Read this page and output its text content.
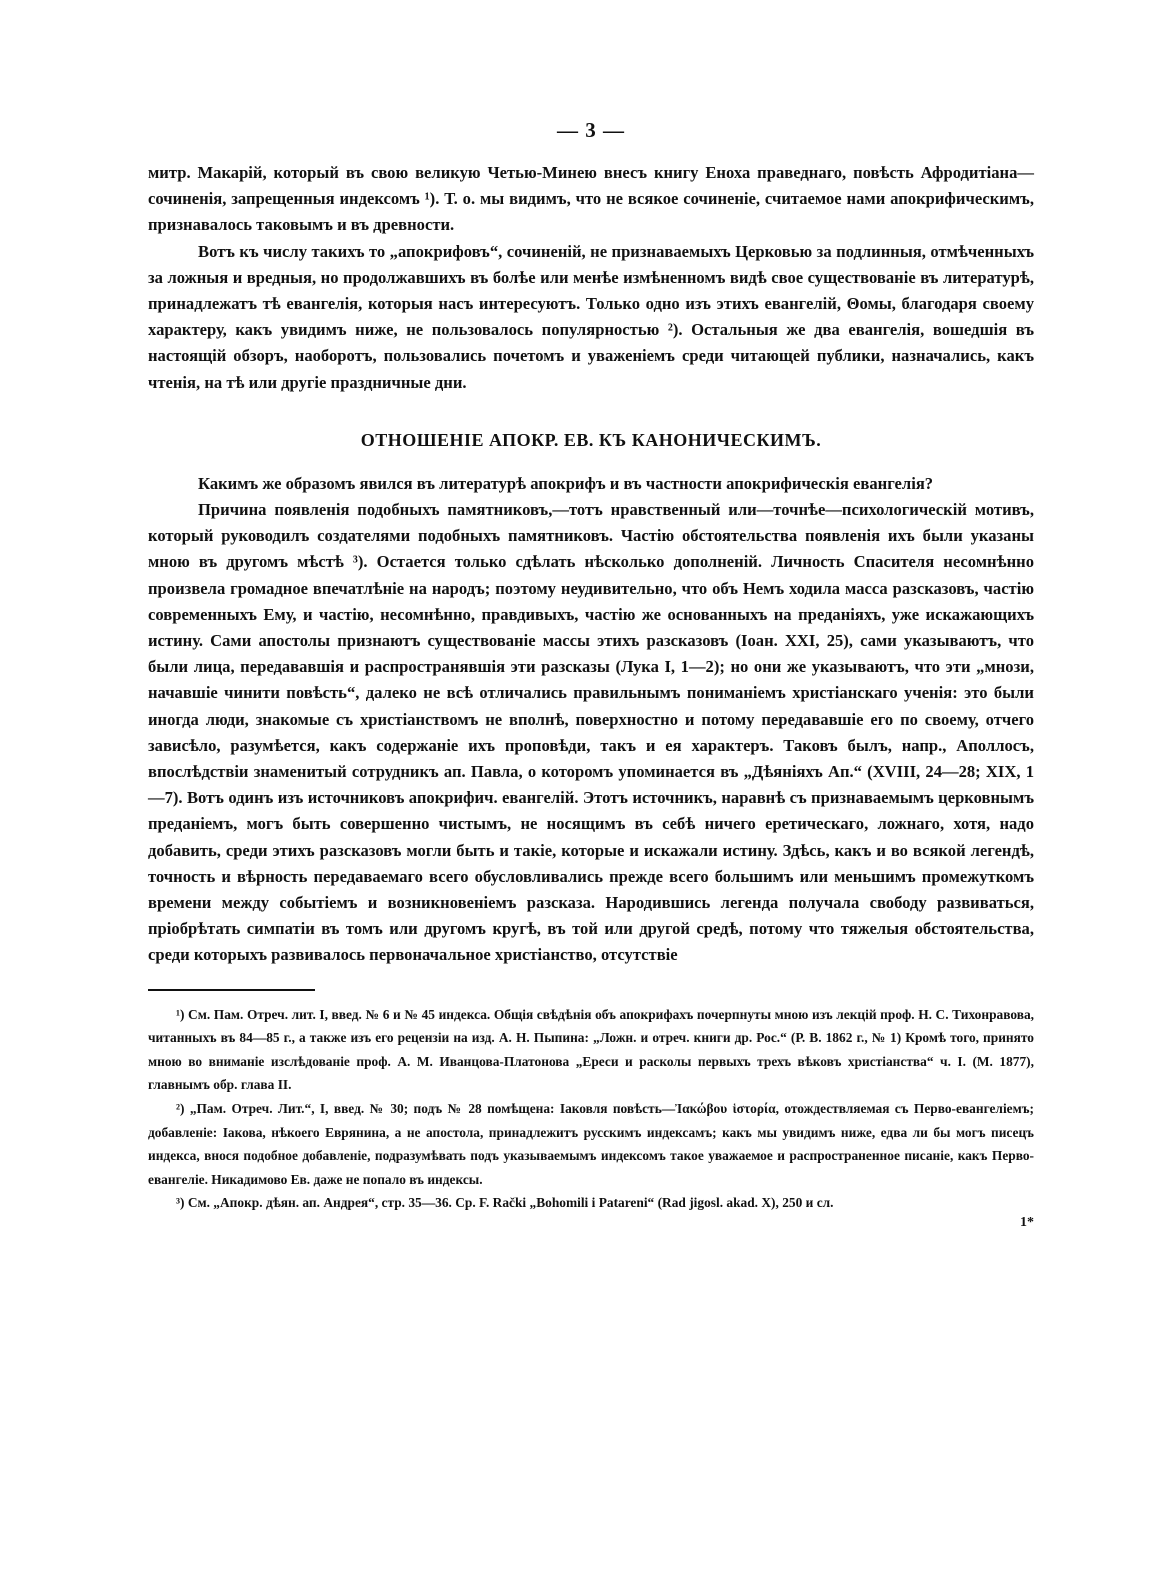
— 3 —

митр. Макарій, который въ свою великую Четью-Минею внесъ книгу Еноха праведнаго, повѣсть Афродитіана—сочиненія, запрещенныя индексомъ ¹). Т. о. мы видимъ, что не всякое сочиненіе, считаемое нами апокрифическимъ, признавалось таковымъ и въ древности.

Вотъ къ числу такихъ то „апокрифовъ“, сочиненій, не признаваемыхъ Церковью за подлинныя, отмѣченныхъ за ложныя и вредныя, но продолжавшихъ въ болѣе или менѣе измѣненномъ видѣ свое существованіе въ литературѣ, принадлежатъ тѣ евангелія, которыя насъ интересуютъ. Только одно изъ этихъ евангелій, Θомы, благодаря своему характеру, какъ увидимъ ниже, не пользовалось популярностью ²). Остальныя же два евангелія, вошедшія въ настоящій обзоръ, наоборотъ, пользовались почетомъ и уваженіемъ среди читающей публики, назначались, какъ чтенія, на тѣ или другіе праздничные дни.

ОТНОШЕНІЕ АПОКР. ЕВ. КЪ КАНОНИЧЕСКИМЪ.

Какимъ же образомъ явился въ литературѣ апокрифъ и въ частности апокрифическія евангелія?

Причина появленія подобныхъ памятниковъ,—тотъ нравственный или—точнѣе—психологическій мотивъ, который руководилъ создателями подобныхъ памятниковъ. Частію обстоятельства появленія ихъ были указаны мною въ другомъ мѣстѣ ³). Остается только сдѣлать нѣсколько дополненій. Личность Спасителя несомнѣнно произвела громадное впечатлѣніе на народъ; поэтому неудивительно, что объ Немъ ходила масса разсказовъ, частію современныхъ Ему, и частію, несомнѣнно, правдивыхъ, частію же основанныхъ на преданіяхъ, уже искажающихъ истину. Сами апостолы признаютъ существованіе массы этихъ разсказовъ (Іоан. XXI, 25), сами указываютъ, что были лица, передававшія и распространявшія эти разсказы (Лука I, 1—2); но они же указываютъ, что эти „мнози, начавшіе чинити повѣсть“, далеко не всѣ отличались правильнымъ пониманіемъ христіанскаго ученія: это были иногда люди, знакомые съ христіанствомъ не вполнѣ, поверхностно и потому передававшіе его по своему, отчего зависѣло, разумѣется, какъ содержаніе ихъ проповѣди, такъ и ея характеръ. Таковъ былъ, напр., Аполлосъ, впослѣдствіи знаменитый сотрудникъ ап. Павла, о которомъ упоминается въ „Дѣяніяхъ Ап.“ (XVIII, 24—28; XIX, 1—7). Вотъ одинъ изъ источниковъ апокрифич. евангелій. Этотъ источникъ, наравнѣ съ признаваемымъ церковнымъ преданіемъ, могъ быть совершенно чистымъ, не носящимъ въ себѣ ничего еретическаго, ложнаго, хотя, надо добавить, среди этихъ разсказовъ могли быть и такіе, которые и искажали истину. Здѣсь, какъ и во всякой легендѣ, точность и вѣрность передаваемаго всего обусловливались прежде всего большимъ или меньшимъ промежуткомъ времени между событіемъ и возникновеніемъ разсказа. Народившись легенда получала свободу развиваться, пріобрѣтать симпатіи въ томъ или другомъ кругѣ, въ той или другой средѣ, потому что тяжелыя обстоятельства, среди которыхъ развивалось первоначальное христіанство, отсутствіе

¹) См. Пам. Отреч. лит. I, введ. № 6 и № 45 индекса. Общія свѣдѣнія объ апокрифахъ почерпнуты мною изъ лекцій проф. Н. С. Тихонравова, читанныхъ въ 84—85 г., а также изъ его рецензіи на изд. А. Н. Пыпина: „Ложн. и отреч. книги др. Рос.“ (Р. В. 1862 г., № 1) Кромѣ того, принято мною во вниманіе изслѣдованіе проф. А. М. Иванцова-Платонова „Ереси и расколы первыхъ трехъ вѣковъ христіанства“ ч. I. (М. 1877), главнымъ обр. глава II.

²) „Пам. Отреч. Лит.“, I, введ. № 30; подъ № 28 помѣщена: Іаковля повѣсть—Ἰακώβου ἱστορία, отождествляемая съ Перво-евангеліемъ; добавленіе: Іакова, нѣкоего Еврянина, а не апостола, принадлежитъ русскимъ индексамъ; какъ мы увидимъ ниже, едва ли бы могъ писецъ индекса, внося подобное добавленіе, подразумѣвать подъ указываемымъ индексомъ такое уважаемое и распространенное писаніе, какъ Перво-евангеліе. Никадимово Ев. даже не попало въ индексы.

³) См. „Апокр. дѣян. ап. Андрея“, стр. 35—36. Ср. F. Rački „Bohomili i Patareni“ (Rad jigosl. akad. X), 250 и сл.

1*
